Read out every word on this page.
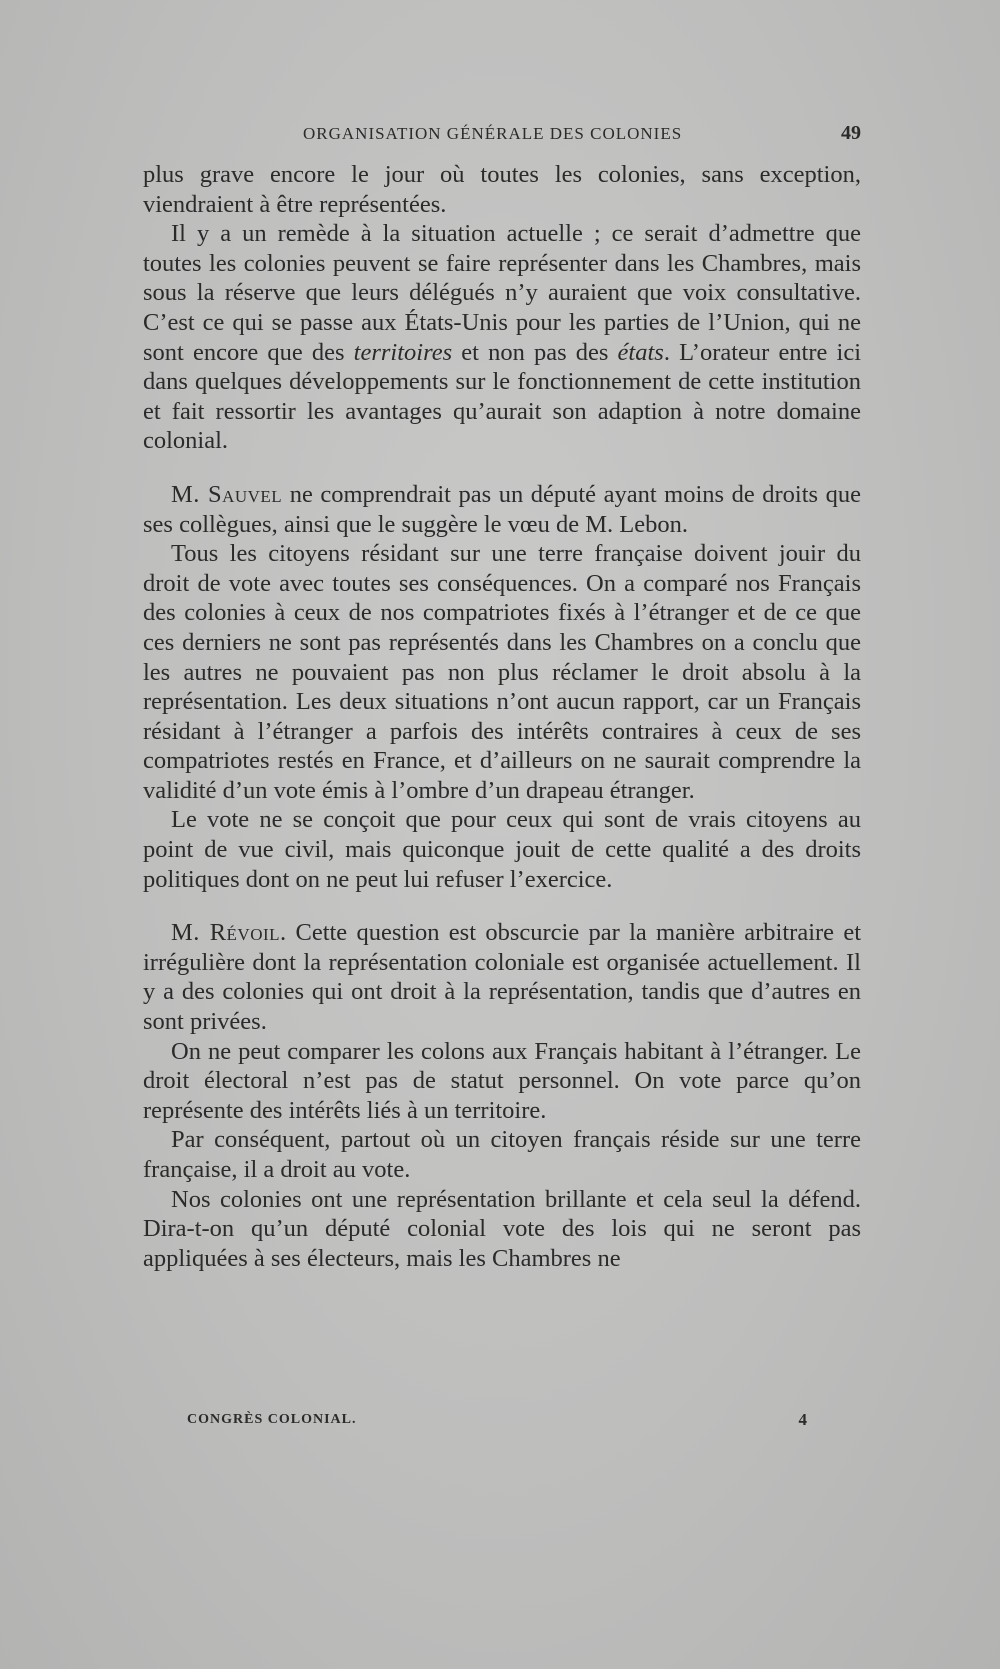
ORGANISATION GÉNÉRALE DES COLONIES	49

plus grave encore le jour où toutes les colonies, sans exception, viendraient à être représentées.

Il y a un remède à la situation actuelle ; ce serait d’admettre que toutes les colonies peuvent se faire représenter dans les Chambres, mais sous la réserve que leurs délégués n’y auraient que voix consultative. C’est ce qui se passe aux États-Unis pour les parties de l’Union, qui ne sont encore que des territoires et non pas des états. L’orateur entre ici dans quelques développements sur le fonctionnement de cette institution et fait ressortir les avantages qu’aurait son adaption à notre domaine colonial.

M. Sauvel ne comprendrait pas un député ayant moins de droits que ses collègues, ainsi que le suggère le vœu de M. Lebon.

Tous les citoyens résidant sur une terre française doivent jouir du droit de vote avec toutes ses conséquences. On a comparé nos Français des colonies à ceux de nos compatriotes fixés à l’étranger et de ce que ces derniers ne sont pas représentés dans les Chambres on a conclu que les autres ne pouvaient pas non plus réclamer le droit absolu à la représentation. Les deux situations n’ont aucun rapport, car un Français résidant à l’étranger a parfois des intérêts contraires à ceux de ses compatriotes restés en France, et d’ailleurs on ne saurait comprendre la validité d’un vote émis à l’ombre d’un drapeau étranger.

Le vote ne se conçoit que pour ceux qui sont de vrais citoyens au point de vue civil, mais quiconque jouit de cette qualité a des droits politiques dont on ne peut lui refuser l’exercice.

M. Révoil. Cette question est obscurcie par la manière arbitraire et irrégulière dont la représentation coloniale est organisée actuellement. Il y a des colonies qui ont droit à la représentation, tandis que d’autres en sont privées.

On ne peut comparer les colons aux Français habitant à l’étranger. Le droit électoral n’est pas de statut personnel. On vote parce qu’on représente des intérêts liés à un territoire.

Par conséquent, partout où un citoyen français réside sur une terre française, il a droit au vote.

Nos colonies ont une représentation brillante et cela seul la défend. Dira-t-on qu’un député colonial vote des lois qui ne seront pas appliquées à ses électeurs, mais les Chambres ne

CONGRÈS COLONIAL.	4
